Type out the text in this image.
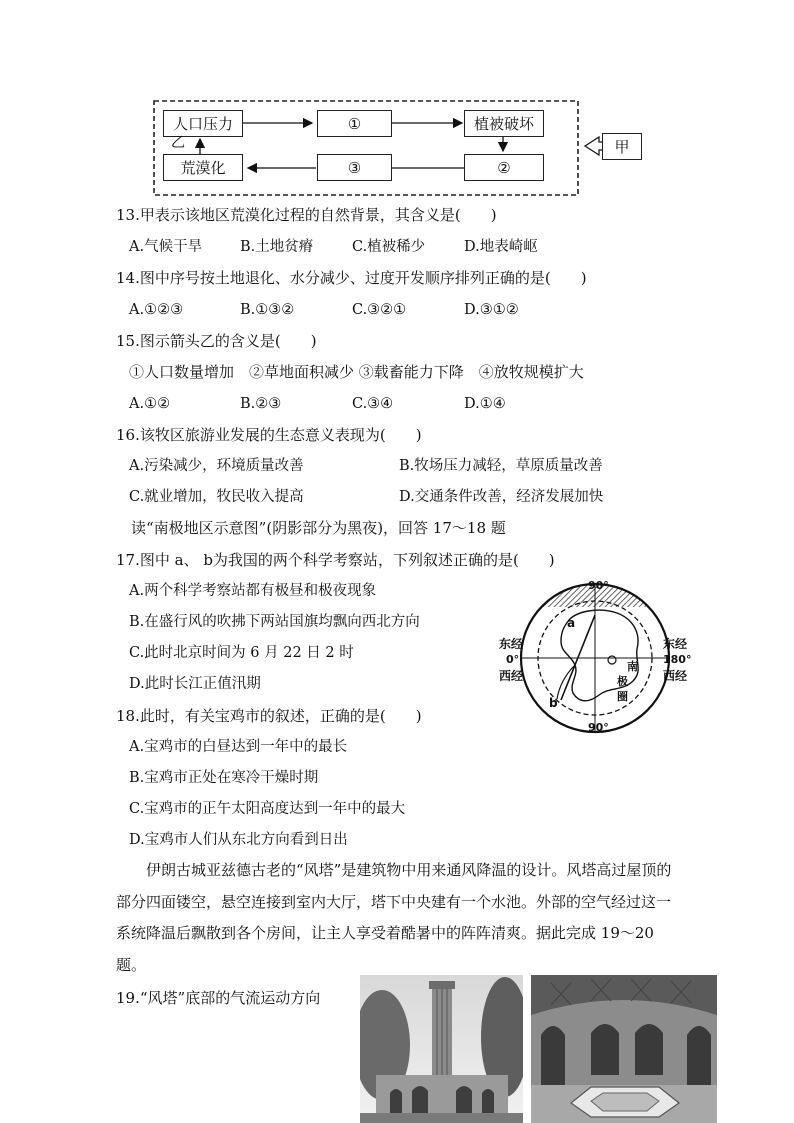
人口压力	①	植被破坏
荒漠化	③	②
甲
乙
13.甲表示该地区荒漠化过程的自然背景，其含义是(　　)
A.气候干旱	B.土地贫瘠	C.植被稀少	D.地表崎岖
14.图中序号按土地退化、水分减少、过度开发顺序排列正确的是(　　)
A.①②③	B.①③②	C.③②①	D.③①②
15.图示箭头乙的含义是(　　)
①人口数量增加　②草地面积减少 ③载畜能力下降　④放牧规模扩大
A.①②	B.②③	C.③④	D.①④
16.该牧区旅游业发展的生态意义表现为(　　)
A.污染减少，环境质量改善	B.牧场压力减轻，草原质量改善
C.就业增加，牧民收入提高	D.交通条件改善，经济发展加快
读“南极地区示意图”(阴影部分为黑夜)，回答 17～18 题
17.图中 a、 b为我国的两个科学考察站，下列叙述正确的是(　　)
A.两个科学考察站都有极昼和极夜现象
B.在盛行风的吹拂下两站国旗均飘向西北方向
C.此时北京时间为 6 月 22 日 2 时
D.此时长江正值汛期
90°
90°
东经
0°
西经
东经
180°
西经
a
b
南
极
圈
18.此时，有关宝鸡市的叙述，正确的是(　　)
A.宝鸡市的白昼达到一年中的最长
B.宝鸡市正处在寒冷干燥时期
C.宝鸡市的正午太阳高度达到一年中的最大
D.宝鸡市人们从东北方向看到日出
伊朗古城亚兹德古老的“风塔”是建筑物中用来通风降温的设计。风塔高过屋顶的部分四面镂空，悬空连接到室内大厅，塔下中央建有一个水池。外部的空气经过这一系统降温后飘散到各个房间，让主人享受着酷暑中的阵阵清爽。据此完成 19～20 题。
19.“风塔”底部的气流运动方向
